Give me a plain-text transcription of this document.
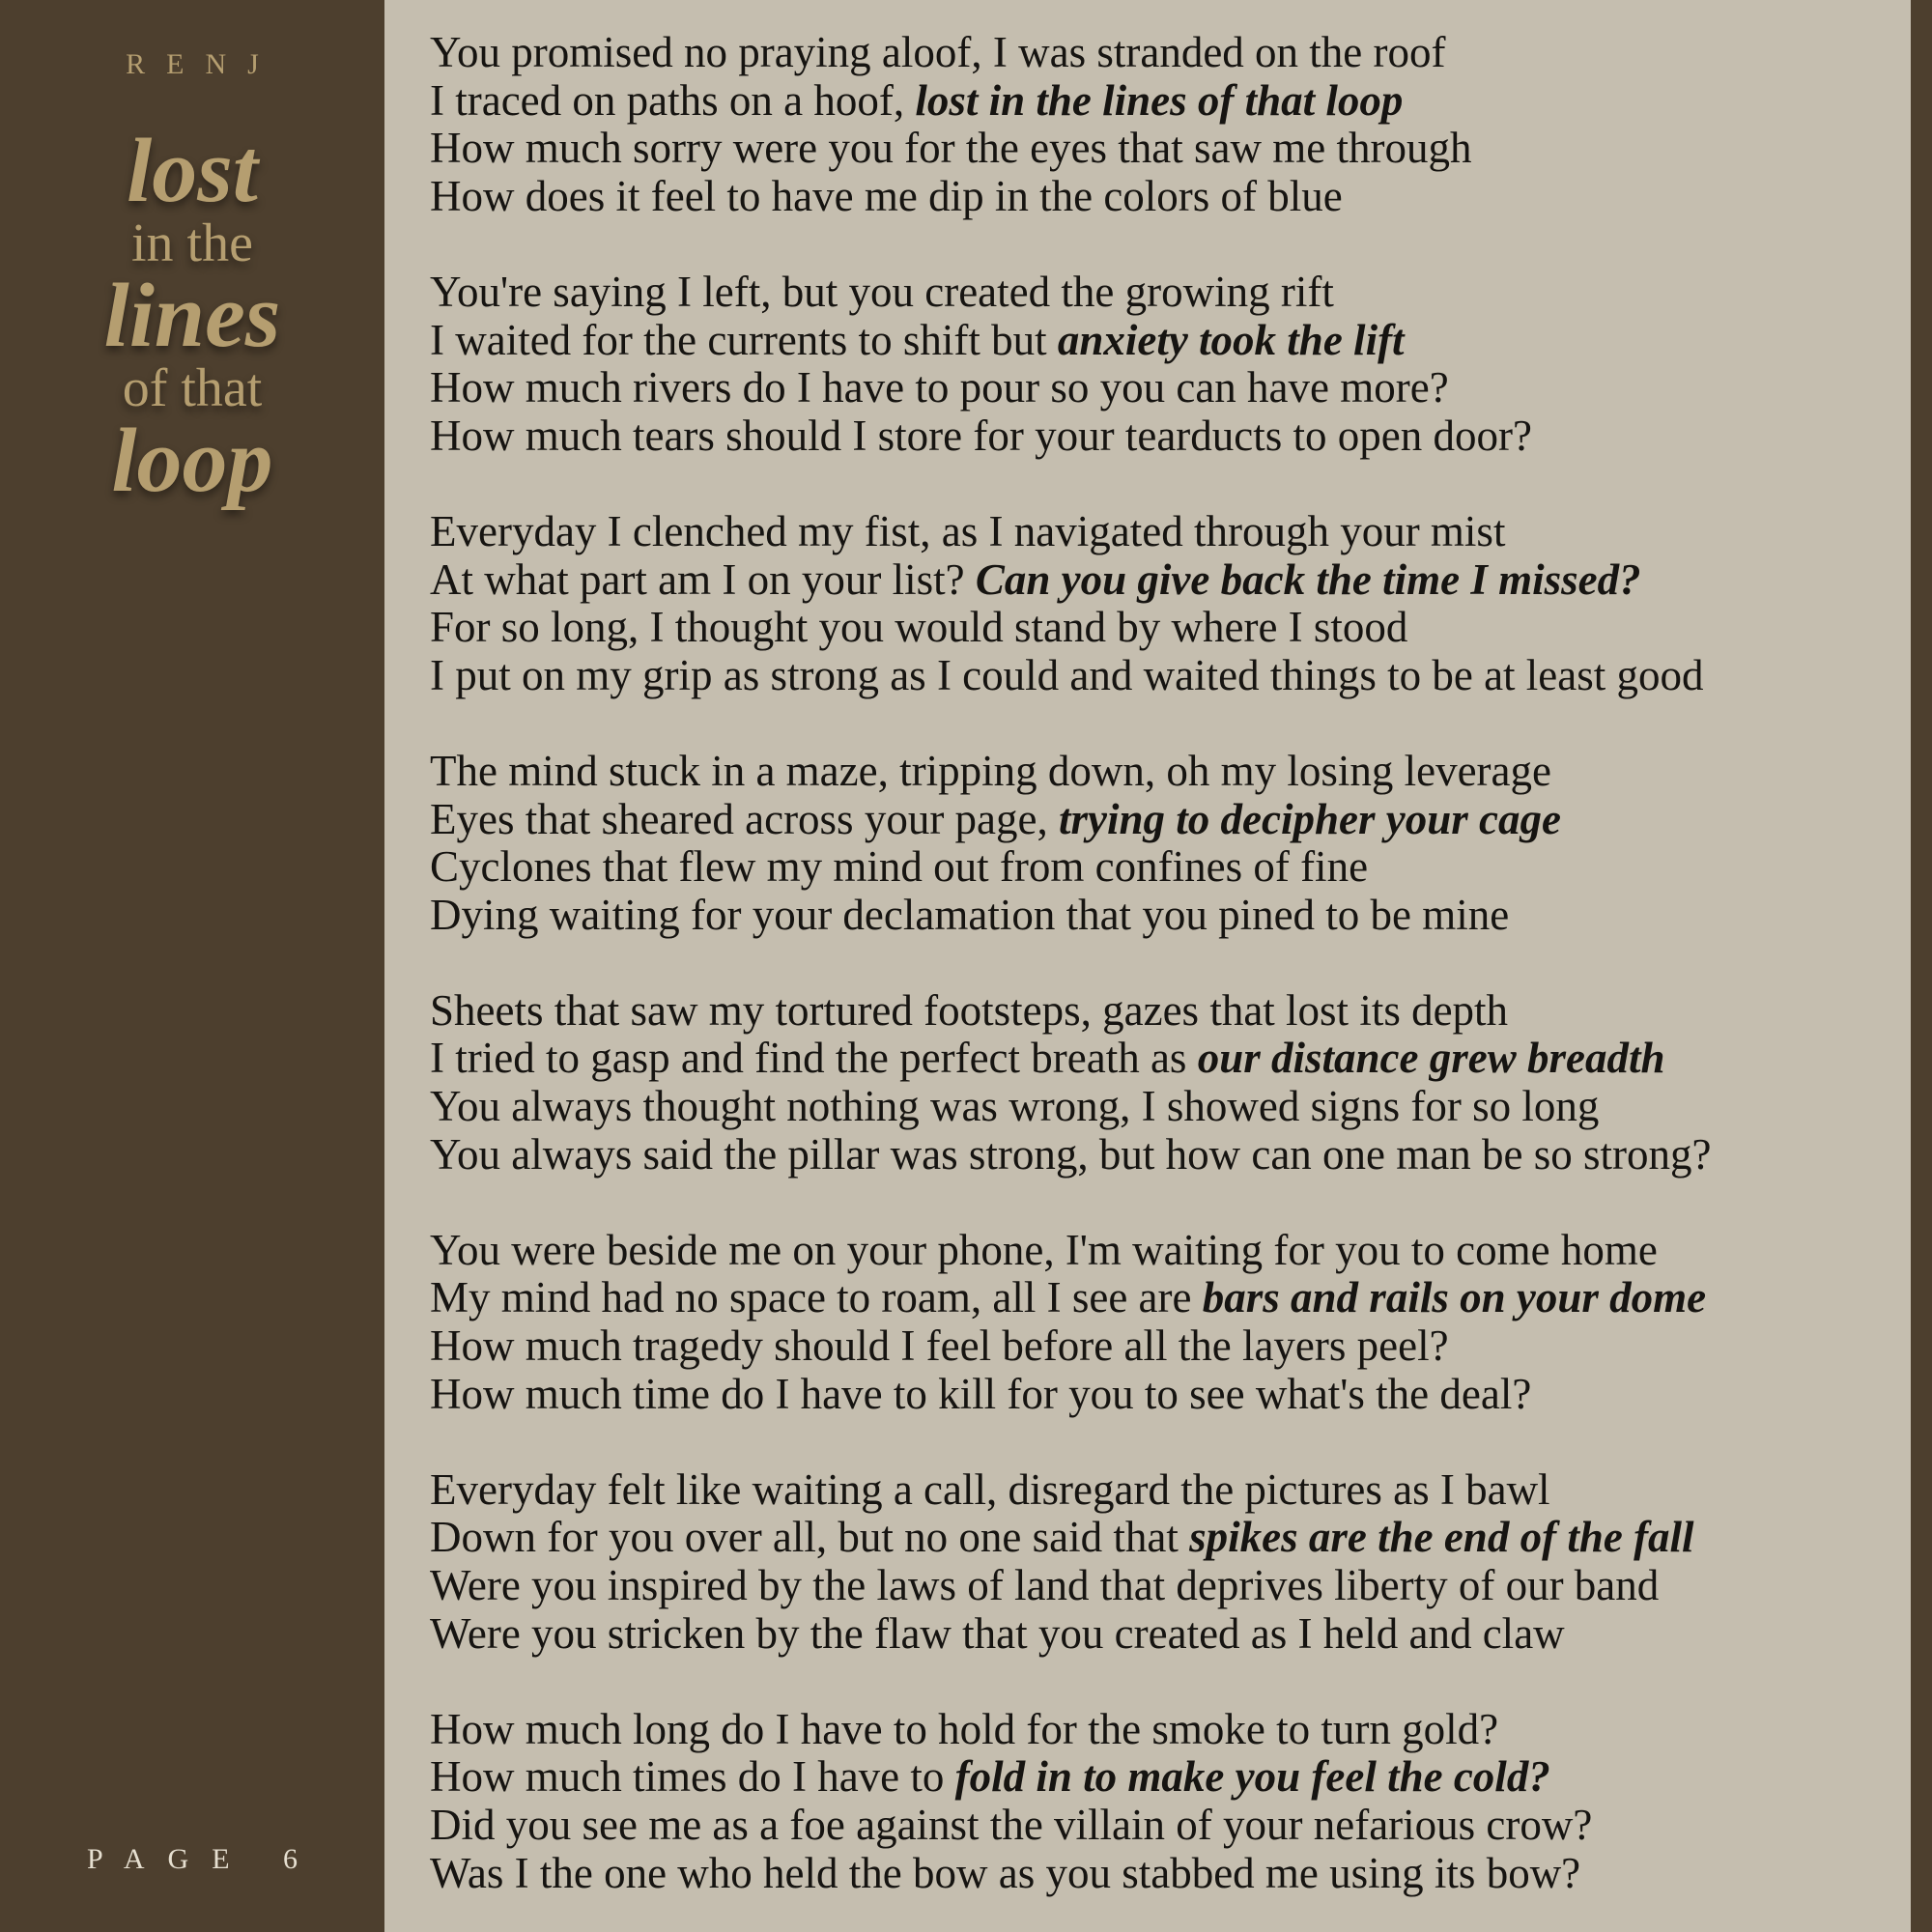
RENJ
lost
in the
lines
of that
loop
PAGE 6
You promised no praying aloof, I was stranded on the roof
I traced on paths on a hoof, lost in the lines of that loop
How much sorry were you for the eyes that saw me through
How does it feel to have me dip in the colors of blue
You're saying I left, but you created the growing rift
I waited for the currents to shift but anxiety took the lift
How much rivers do I have to pour so you can have more?
How much tears should I store for your tearducts to open door?
Everyday I clenched my fist, as I navigated through your mist
At what part am I on your list? Can you give back the time I missed?
For so long, I thought you would stand by where I stood
I put on my grip as strong as I could and waited things to be at least good
The mind stuck in a maze, tripping down, oh my losing leverage
Eyes that sheared across your page, trying to decipher your cage
Cyclones that flew my mind out from confines of fine
Dying waiting for your declamation that you pined to be mine
Sheets that saw my tortured footsteps, gazes that lost its depth
I tried to gasp and find the perfect breath as our distance grew breadth
You always thought nothing was wrong, I showed signs for so long
You always said the pillar was strong, but how can one man be so strong?
You were beside me on your phone, I'm waiting for you to come home
My mind had no space to roam, all I see are bars and rails on your dome
How much tragedy should I feel before all the layers peel?
How much time do I have to kill for you to see what's the deal?
Everyday felt like waiting a call, disregard the pictures as I bawl
Down for you over all, but no one said that spikes are the end of the fall
Were you inspired by the laws of land that deprives liberty of our band
Were you stricken by the flaw that you created as I held and claw
How much long do I have to hold for the smoke to turn gold?
How much times do I have to fold in to make you feel the cold?
Did you see me as a foe against the villain of your nefarious crow?
Was I the one who held the bow as you stabbed me using its bow?
